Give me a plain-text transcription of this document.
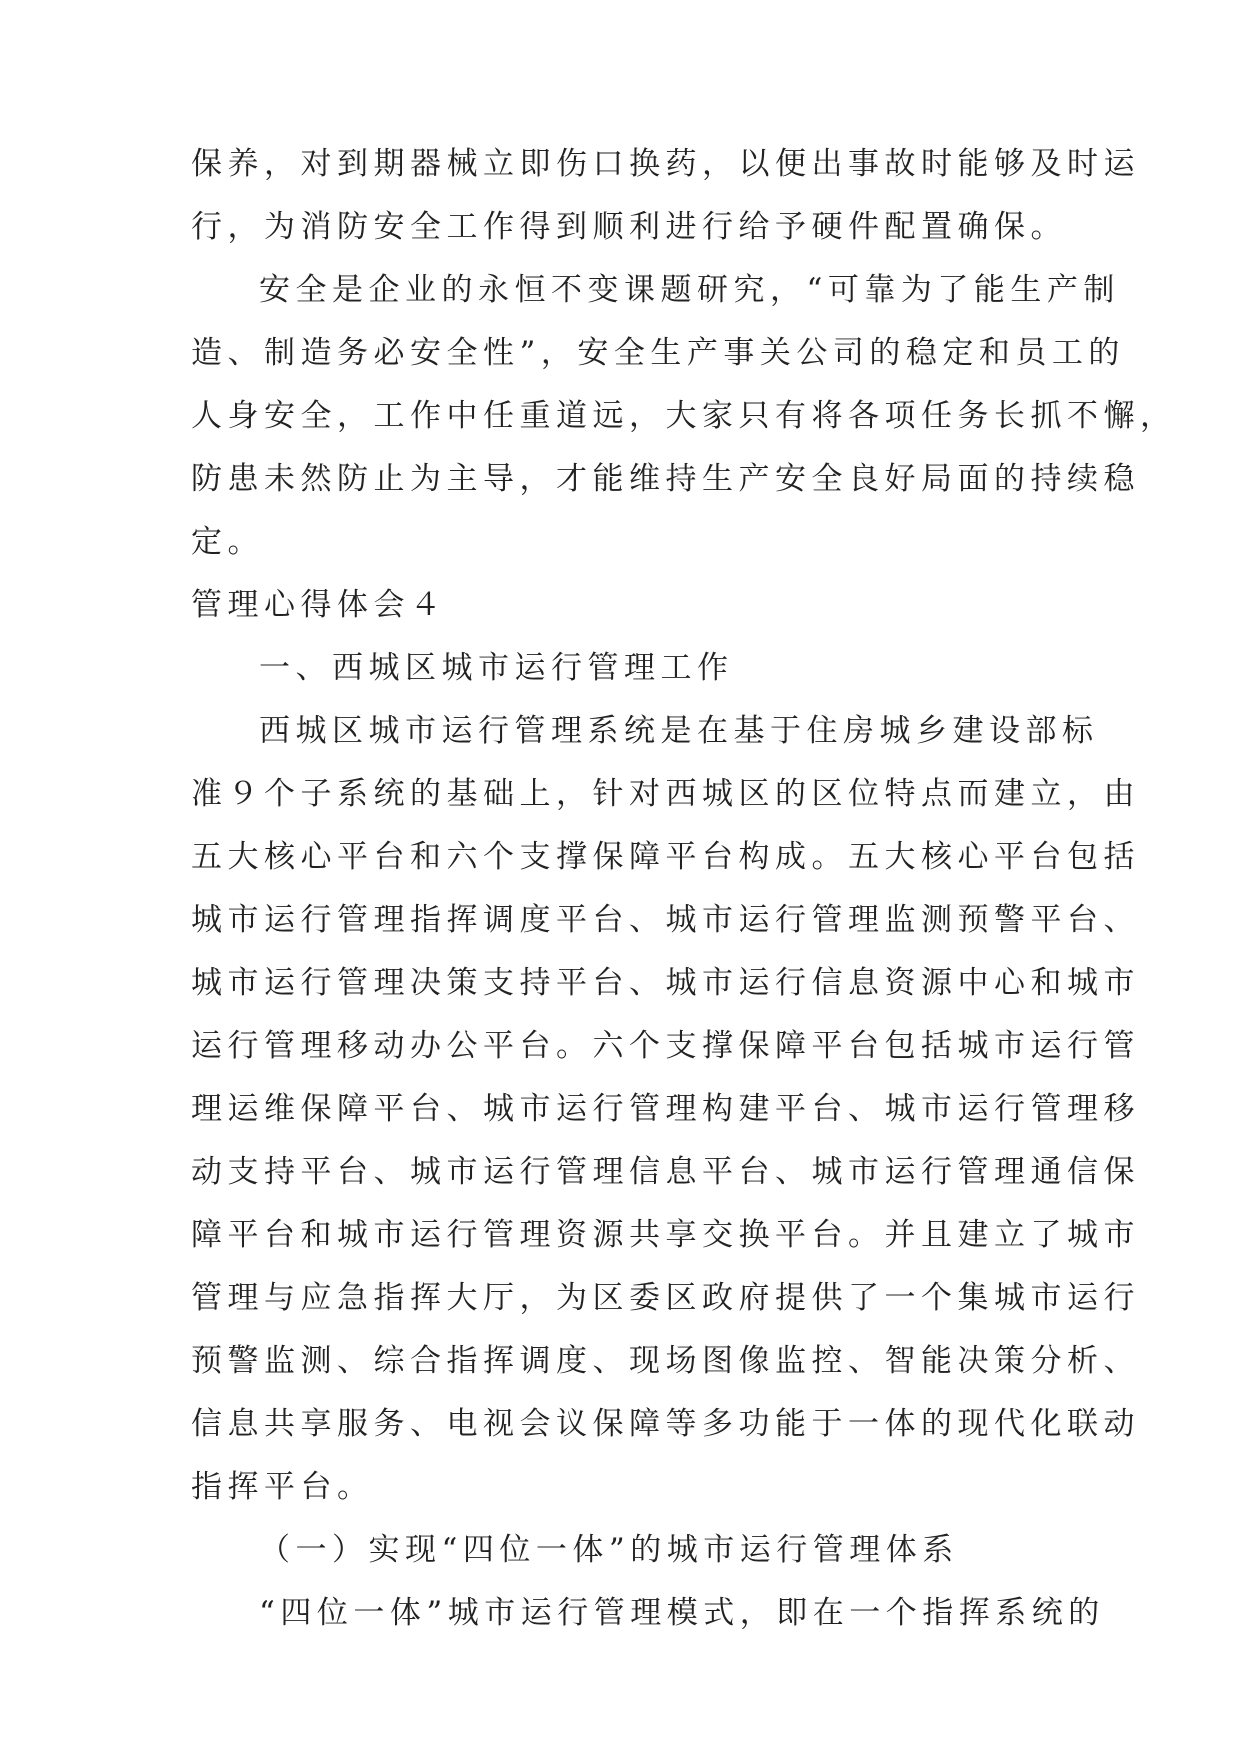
保养，对到期器械立即伤口换药，以便出事故时能够及时运

行，为消防安全工作得到顺利进行给予硬件配置确保。

安全是企业的永恒不变课题研究，“可靠为了能生产制

造、制造务必安全性”，安全生产事关公司的稳定和员工的

人身安全，工作中任重道远，大家只有将各项任务长抓不懈，

防患未然防止为主导，才能维持生产安全良好局面的持续稳

定。

管理心得体会４

一、西城区城市运行管理工作

西城区城市运行管理系统是在基于住房城乡建设部标

准９个子系统的基础上，针对西城区的区位特点而建立，由

五大核心平台和六个支撑保障平台构成。五大核心平台包括

城市运行管理指挥调度平台、城市运行管理监测预警平台、

城市运行管理决策支持平台、城市运行信息资源中心和城市

运行管理移动办公平台。六个支撑保障平台包括城市运行管

理运维保障平台、城市运行管理构建平台、城市运行管理移

动支持平台、城市运行管理信息平台、城市运行管理通信保

障平台和城市运行管理资源共享交换平台。并且建立了城市

管理与应急指挥大厅，为区委区政府提供了一个集城市运行

预警监测、综合指挥调度、现场图像监控、智能决策分析、

信息共享服务、电视会议保障等多功能于一体的现代化联动

指挥平台。

（一）实现“四位一体”的城市运行管理体系

“四位一体”城市运行管理模式，即在一个指挥系统的
